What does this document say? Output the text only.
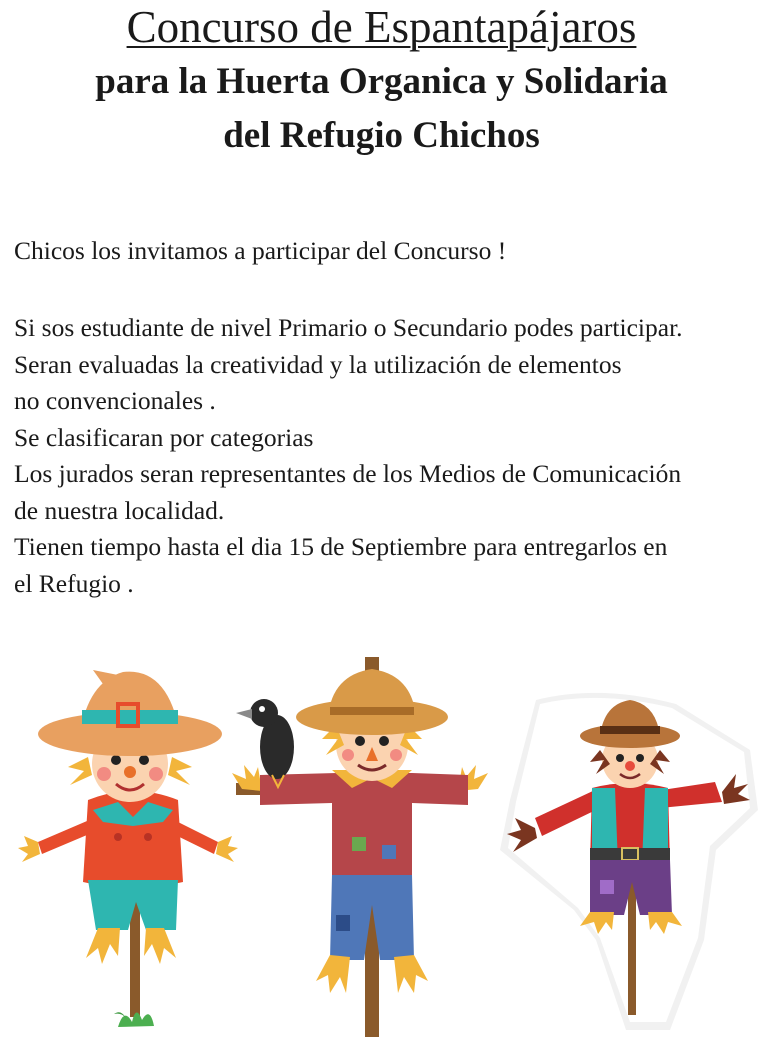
Concurso de Espantapájaros
para la Huerta Organica y Solidaria
del Refugio Chichos

Chicos los invitamos a participar del Concurso !

Si sos estudiante de nivel Primario o Secundario podes participar.

Seran evaluadas la creatividad y la utilización de elementos

no convencionales .

Se clasificaran por categorias

Los jurados seran representantes de los Medios de Comunicación

de nuestra localidad.

Tienen tiempo hasta el dia 15 de Septiembre para entregarlos en

el Refugio .
